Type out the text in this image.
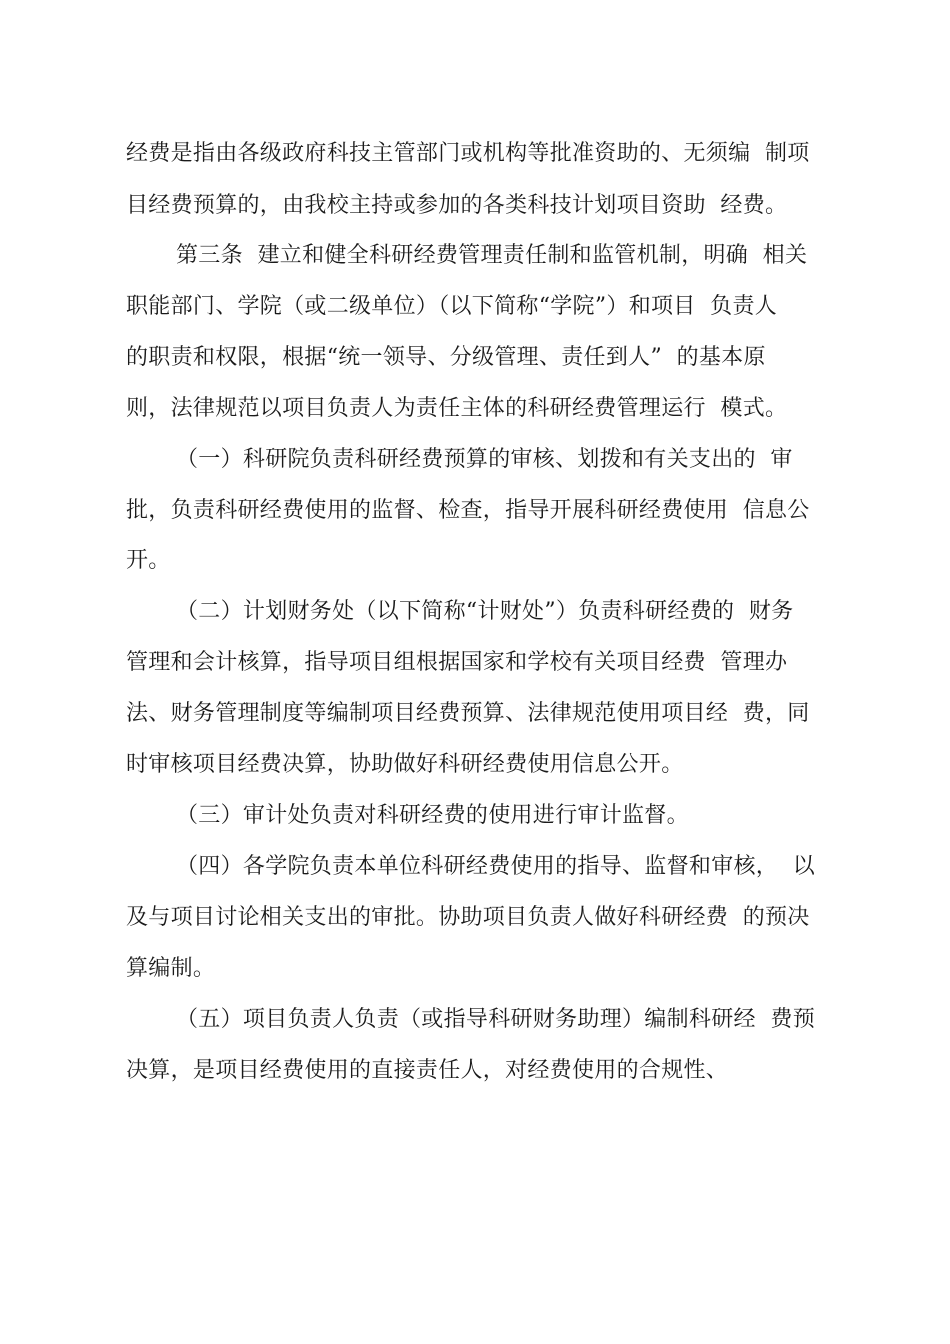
经费是指由各级政府科技主管部门或机构等批准资助的、无须编  制项
目经费预算的，由我校主持或参加的各类科技计划项目资助  经费。
第三条  建立和健全科研经费管理责任制和监管机制，明确  相关
职能部门、学院（或二级单位）（以下简称“学院”）和项目  负责人
的职责和权限，根据“统一领导、分级管理、责任到人”  的基本原
则，法律规范以项目负责人为责任主体的科研经费管理运行  模式。
（一）科研院负责科研经费预算的审核、划拨和有关支出的  审
批，负责科研经费使用的监督、检查，指导开展科研经费使用  信息公
开。
（二）计划财务处（以下简称“计财处”）负责科研经费的  财务
管理和会计核算，指导项目组根据国家和学校有关项目经费  管理办
法、财务管理制度等编制项目经费预算、法律规范使用项目经  费，同
时审核项目经费决算，协助做好科研经费使用信息公开。
（三）审计处负责对科研经费的使用进行审计监督。
（四）各学院负责本单位科研经费使用的指导、监督和审核，  以
及与项目讨论相关支出的审批。协助项目负责人做好科研经费  的预决
算编制。
（五）项目负责人负责（或指导科研财务助理）编制科研经  费预
决算，是项目经费使用的直接责任人，对经费使用的合规性、
